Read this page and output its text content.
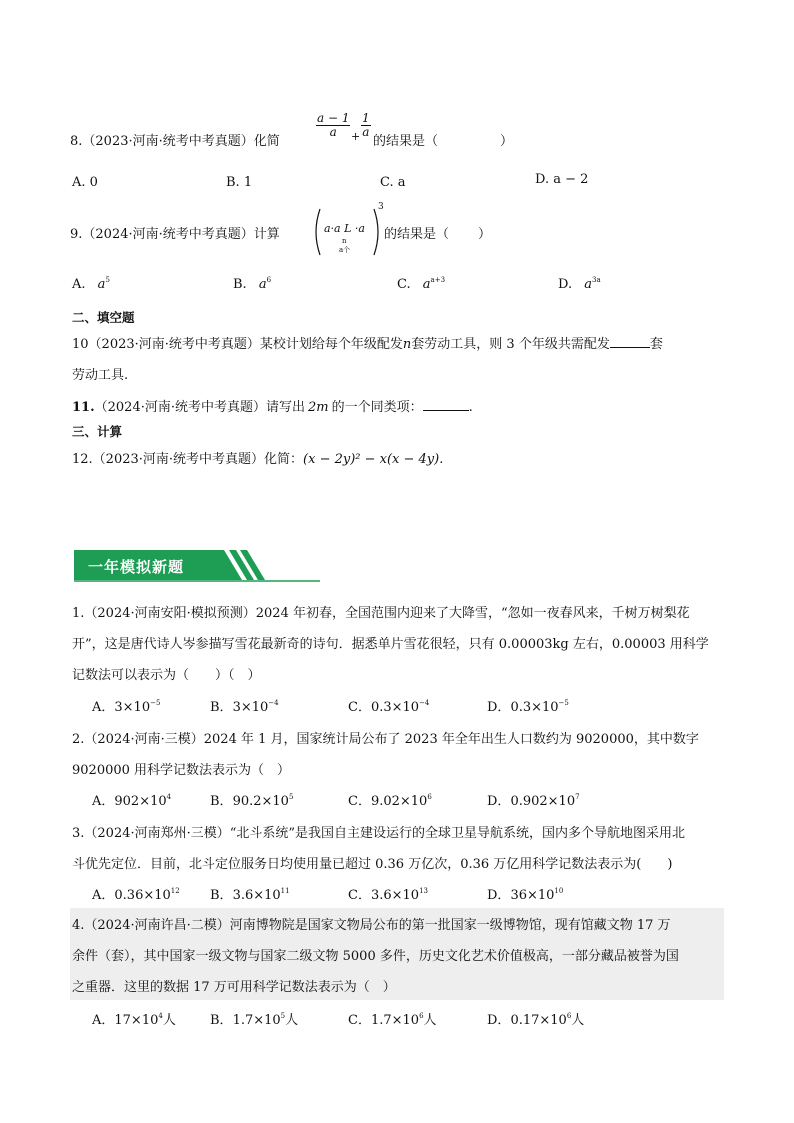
8.（2023·河南·统考中考真题）化简
$\frac{a - 1}{a} + \frac{1}{a}$
的结果是（	）
A. 0	B. 1	C. a	D. a − 2
9.（2024·河南·统考中考真题）计算	a·a L ·a
n
a个
3
的结果是（ ）
A. $a^5$	B. $a^6$	C. $a^{a+3}$	D. $a^{3a}$
二、填空题
10（2023·河南·统考中考真题）某校计划给每个年级配发n套劳动工具，则 3 个年级共需配发	套
劳动工具.
11.（2024·河南·统考中考真题）请写出 2m 的一个同类项：	.
三、计算
12.（2023·河南·统考中考真题）化简：(x − 2y)² − x(x − 4y).
一年模拟新题
1.（2024·河南安阳·模拟预测）2024 年初春，全国范围内迎来了大降雪，“忽如一夜春风来，千树万树梨花
开”，这是唐代诗人岑参描写雪花最新奇的诗句．据悉单片雪花很轻，只有 0.00003kg 左右，0.00003 用科学
记数法可以表示为（　　）（　）
A．$3\times 10^{-5}$	B．$3\times 10^{-4}$	C．$0.3\times 10^{-4}$	D．$0.3\times 10^{-5}$
2.（2024·河南·三模）2024 年 1 月，国家统计局公布了 2023 年全年出生人口数约为 9020000，其中数字
9020000 用科学记数法表示为（　）
A．$902\times 10^4$	B．$90.2\times 10^5$	C．$9.02\times 10^6$	D．$0.902\times 10^7$
3.（2024·河南郑州·三模）“北斗系统”是我国自主建设运行的全球卫星导航系统，国内多个导航地图采用北
斗优先定位．目前，北斗定位服务日均使用量已超过 0.36 万亿次，0.36 万亿用科学记数法表示为(　　)
A．$0.36\times 10^{12}$ B．$3.6\times 10^{11}$	C．$3.6\times 10^{13}$	D．$36\times 10^{10}$
4.（2024·河南许昌·二模）河南博物院是国家文物局公布的第一批国家一级博物馆，现有馆藏文物 17 万
余件（套），其中国家一级文物与国家二级文物 5000 多件，历史文化艺术价值极高，一部分藏品被誉为国
之重器．这里的数据 17 万可用科学记数法表示为（　）
A．$17\times 10^4$人	B．$1.7\times 10^5$人	C．$1.7\times 10^6$人	D．$0.17\times 10^6$人
